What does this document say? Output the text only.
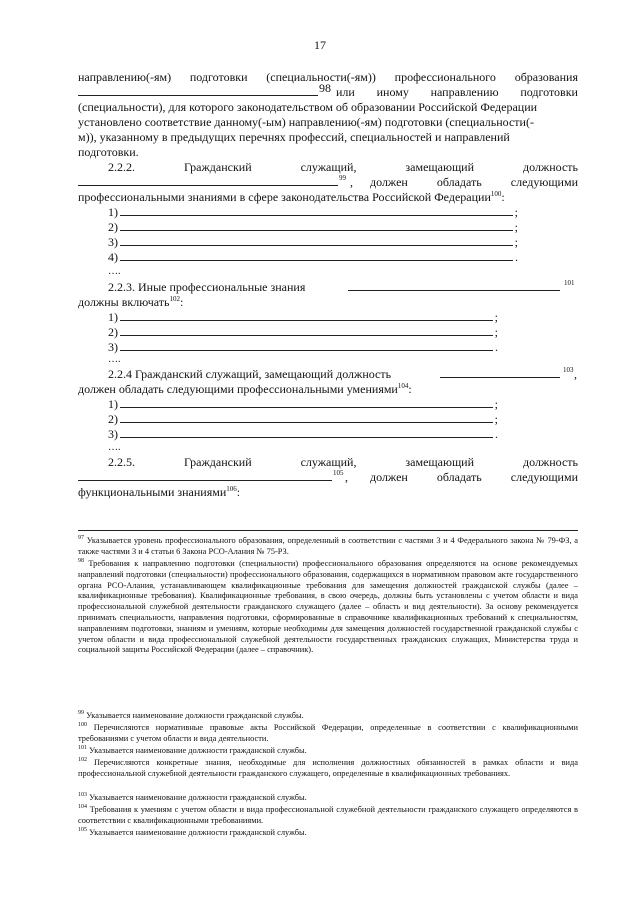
17
направлению(-ям) подготовки (специальности(-ям)) профессионального образования
98 или иному направлению подготовки
(специальности), для которого законодательством об образовании Российской Федерации
установлено соответствие данному(-ым) направлению(-ям) подготовки (специальности(-
м)), указанному в предыдущих перечнях профессий, специальностей и направлений
подготовки.
2.2.2.	Гражданский	служащий,	замещающий	должность
99 , должен обладать следующими
профессиональными знаниями в сфере законодательства Российской Федерации$^{100}$:
1)	;
2)	;
3)	;
4)	.
….
2.2.3. Иные профессиональные знания	101
должны включать$^{102}$:
1)	;
2)	;
3)	.
….
2.2.4 Гражданский служащий, замещающий должность	103 ,
должен обладать следующими профессиональными умениями$^{104}$:
1)	;
2)	;
3)	.
….
2.2.5.	Гражданский	служащий,	замещающий	должность
105 , должен обладать следующими
функциональными знаниями$^{106}$:
$^{97}$ Указывается уровень профессионального образования, определенный в соответствии с частями 3 и 4 Федерального закона № 79-ФЗ, а также частями 3 и 4 статьи 6 Закона РСО-Алания № 75-РЗ.
$^{98}$ Требования к направлению подготовки (специальности) профессионального образования определяются на основе рекомендуемых направлений подготовки (специальности) профессионального образования, содержащихся в нормативном правовом акте государственного органа РСО-Алания, устанавливающем квалификационные требования для замещения должностей гражданской службы (далее – квалификационные требования). Квалификационные требования, в свою очередь, должны быть установлены с учетом области и вида профессиональной служебной деятельности гражданского служащего (далее – область и вид деятельности). За основу рекомендуется принимать специальности, направления подготовки, сформированные в справочнике квалификационных требований к специальностям, направлениям подготовки, знаниям и умениям, которые необходимы для замещения должностей государственной гражданской службы с учетом области и вида профессиональной служебной деятельности государственных гражданских служащих, Министерства труда и социальной защиты Российской Федерации (далее – справочник).
$^{99}$ Указывается наименование должности гражданской службы.
$^{100}$ Перечисляются нормативные правовые акты Российской Федерации, определенные в соответствии с квалификационными требованиями с учетом области и вида деятельности.
$^{101}$ Указывается наименование должности гражданской службы.
$^{102}$ Перечисляются конкретные знания, необходимые для исполнения должностных обязанностей в рамках области и вида профессиональной служебной деятельности гражданского служащего, определенные в квалификационных требованиях.
$^{103}$ Указывается наименование должности гражданской службы.
$^{104}$ Требования к умениям с учетом области и вида профессиональной служебной деятельности гражданского служащего определяются в соответствии с квалификационными требованиями.
$^{105}$ Указывается наименование должности гражданской службы.
